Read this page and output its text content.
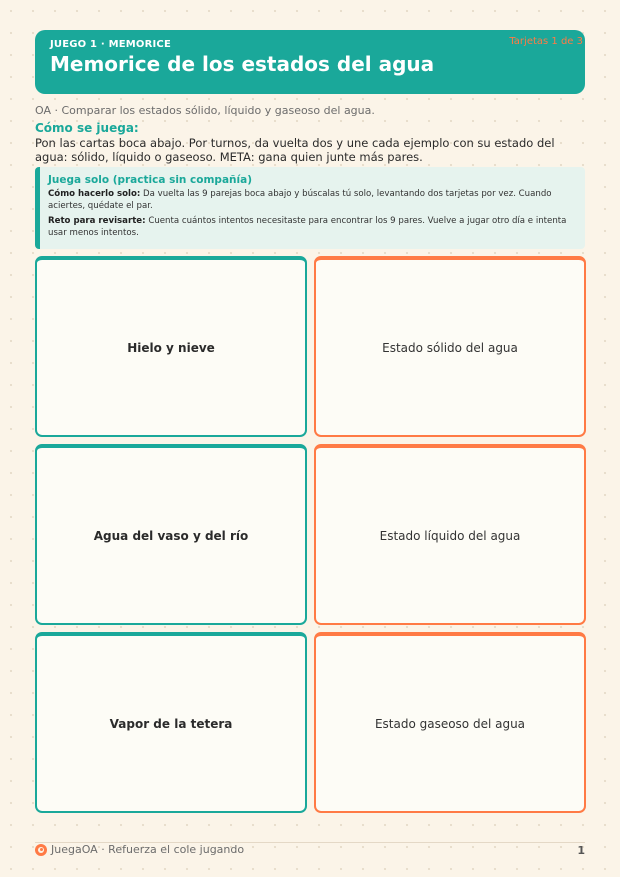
JUEGO 1 · MEMORICE
Memorice de los estados del agua
Tarjetas 1 de 3
OA · Comparar los estados sólido, líquido y gaseoso del agua.
Cómo se juega:
Pon las cartas boca abajo. Por turnos, da vuelta dos y une cada ejemplo con su estado del agua: sólido, líquido o gaseoso. META: gana quien junte más pares.
Juega solo (practica sin compañía)
Cómo hacerlo solo: Da vuelta las 9 parejas boca abajo y búscalas tú solo, levantando dos tarjetas por vez. Cuando aciertes, quédate el par.
Reto para revisarte: Cuenta cuántos intentos necesitaste para encontrar los 9 pares. Vuelve a jugar otro día e intenta usar menos intentos.
Hielo y nieve	Estado sólido del agua
Agua del vaso y del río	Estado líquido del agua
Vapor de la tetera	Estado gaseoso del agua
JuegaOA · Refuerza el cole jugando	1
